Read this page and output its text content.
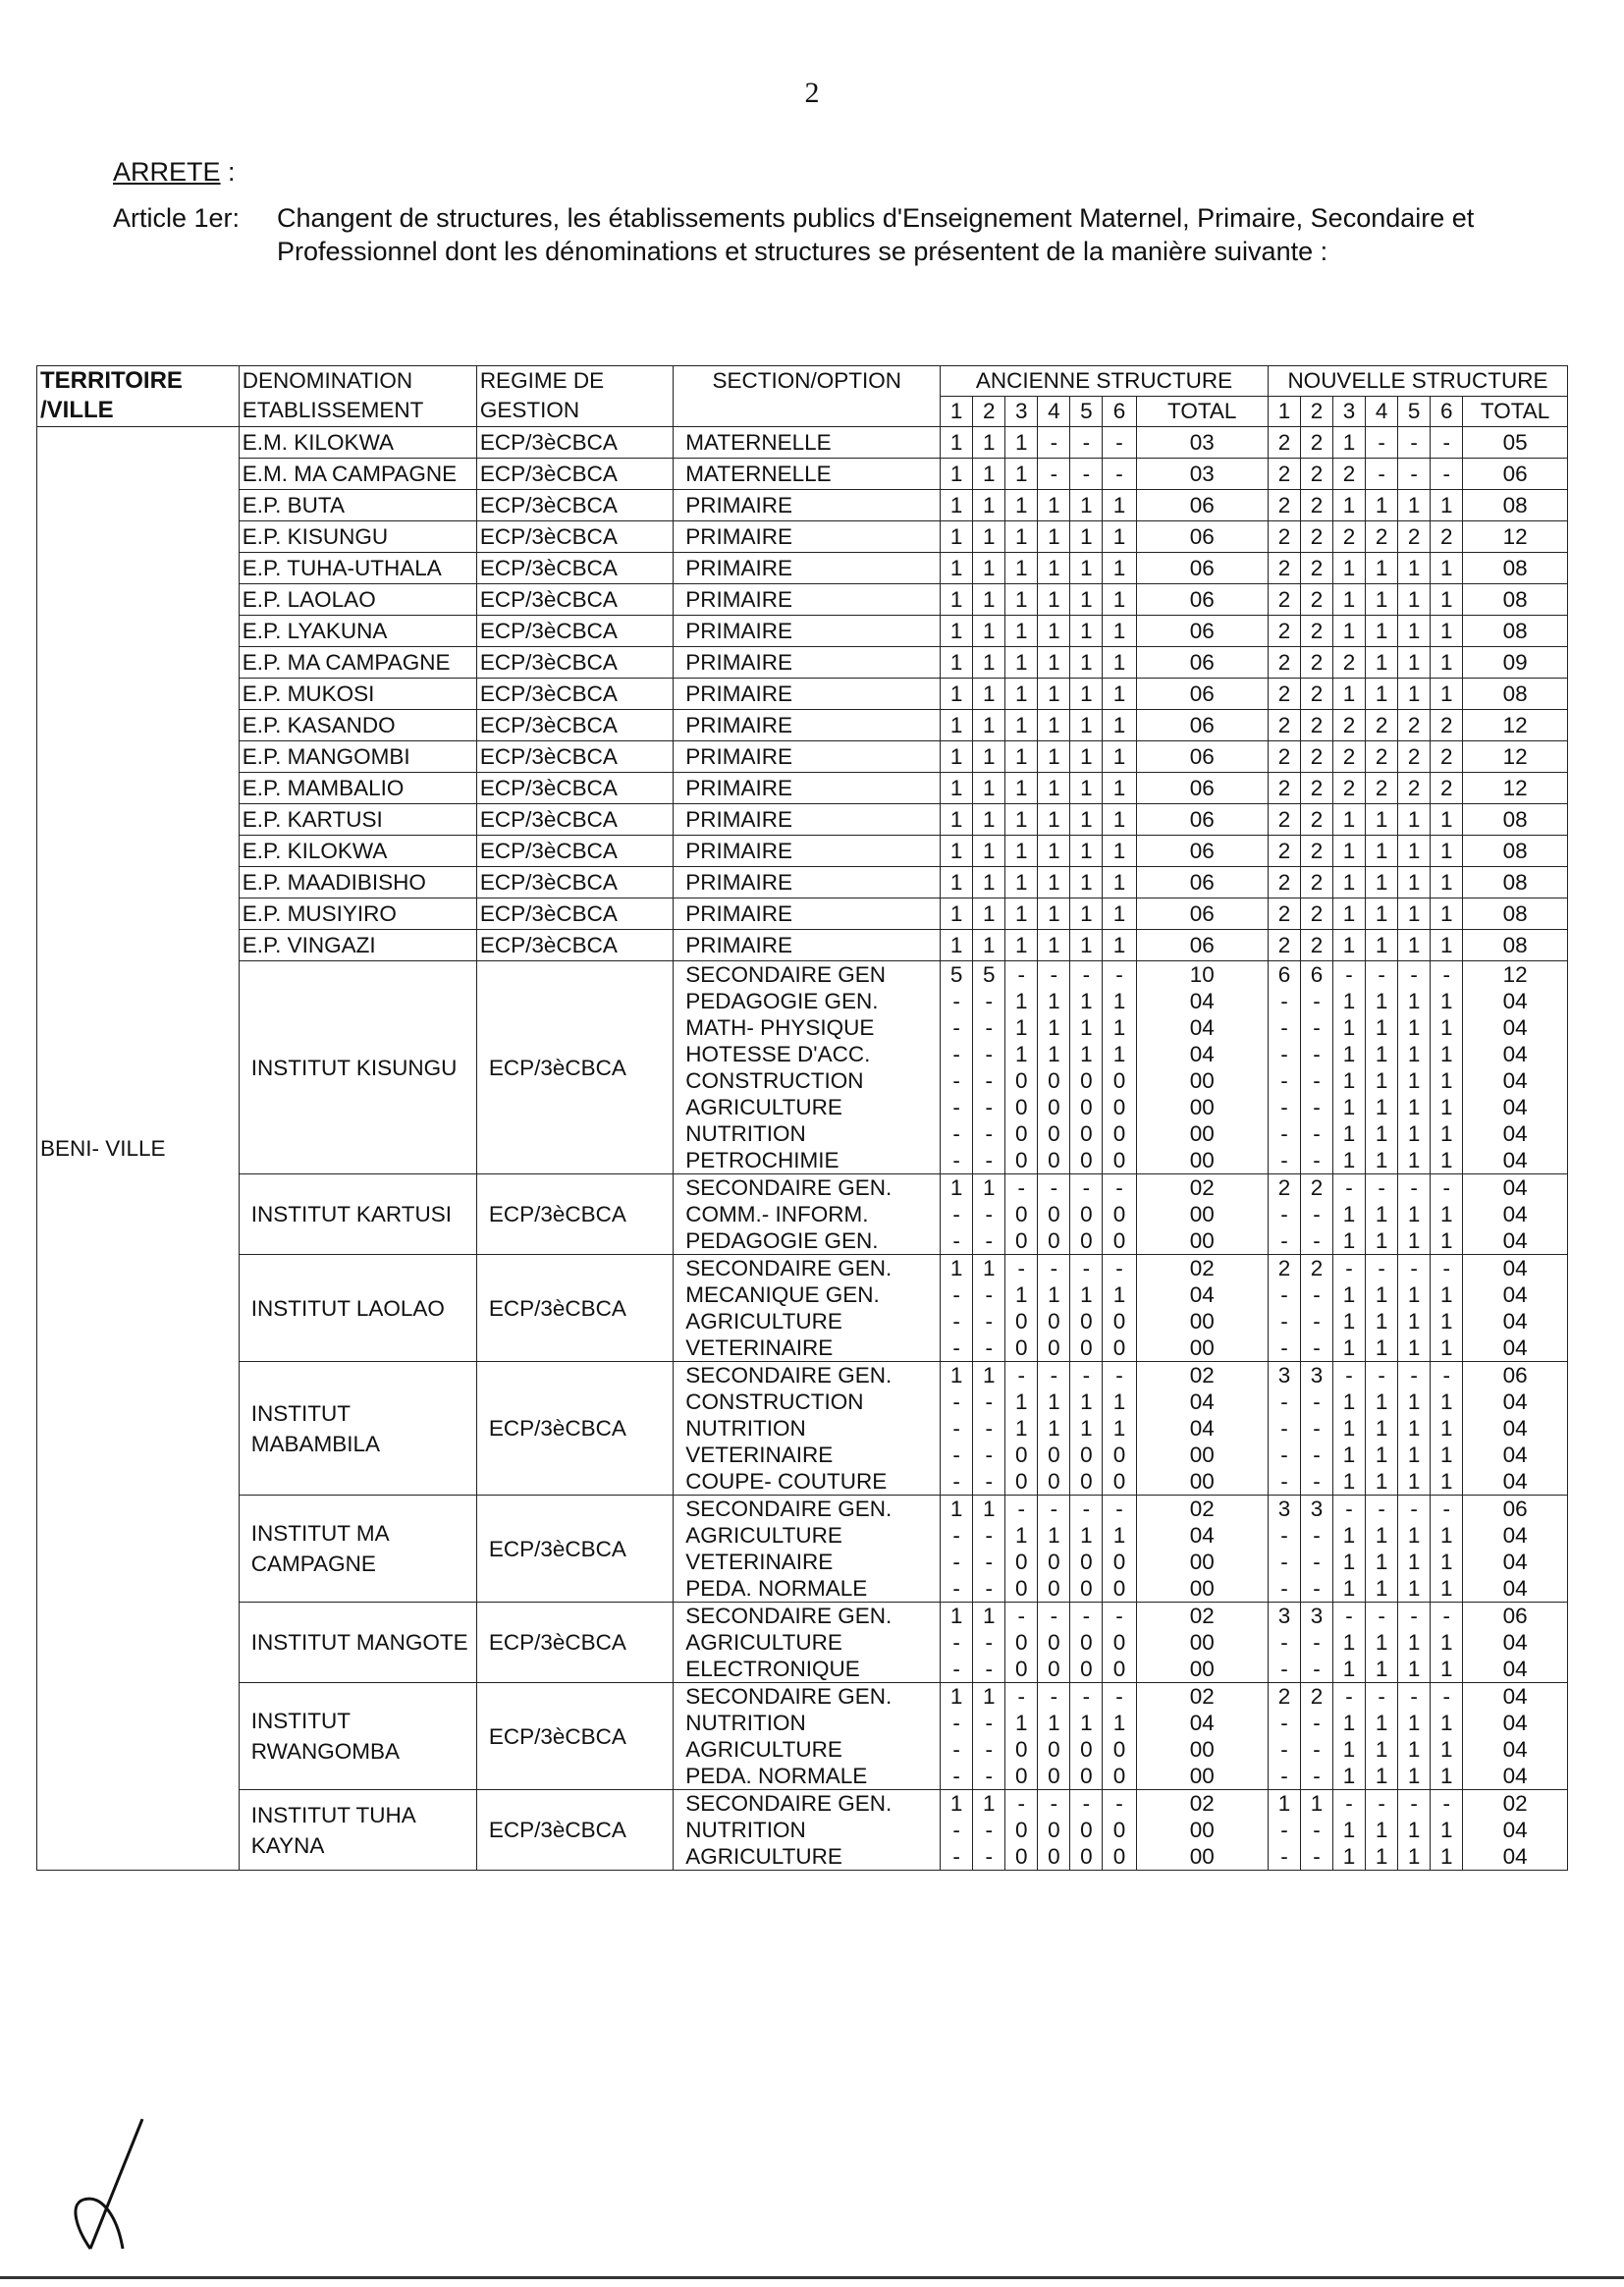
2
ARRETE :
Article 1er:	Changent de structures, les établissements publics d'Enseignement Maternel, Primaire, Secondaire et Professionnel dont les dénominations et structures se présentent de la manière suivante :
TERRITOIRE /VILLE	DENOMINATION ETABLISSEMENT	REGIME DE GESTION	SECTION/OPTION	ANCIENNE STRUCTURE							NOUVELLE STRUCTURE						
				1	2	3	4	5	6	TOTAL	1	2	3	4	5	6	TOTAL
BENI- VILLE	E.M. KILOKWA	ECP/3èCBCA	MATERNELLE	1	1	1	-	-	-	03	2	2	1	-	-	-	05
	E.M. MA CAMPAGNE	ECP/3èCBCA	MATERNELLE	1	1	1	-	-	-	03	2	2	2	-	-	-	06
	E.P. BUTA	ECP/3èCBCA	PRIMAIRE	1	1	1	1	1	1	06	2	2	1	1	1	1	08
	E.P. KISUNGU	ECP/3èCBCA	PRIMAIRE	1	1	1	1	1	1	06	2	2	2	2	2	2	12
	E.P. TUHA-UTHALA	ECP/3èCBCA	PRIMAIRE	1	1	1	1	1	1	06	2	2	1	1	1	1	08
	E.P. LAOLAO	ECP/3èCBCA	PRIMAIRE	1	1	1	1	1	1	06	2	2	1	1	1	1	08
	E.P. LYAKUNA	ECP/3èCBCA	PRIMAIRE	1	1	1	1	1	1	06	2	2	1	1	1	1	08
	E.P. MA CAMPAGNE	ECP/3èCBCA	PRIMAIRE	1	1	1	1	1	1	06	2	2	2	1	1	1	09
	E.P. MUKOSI	ECP/3èCBCA	PRIMAIRE	1	1	1	1	1	1	06	2	2	1	1	1	1	08
	E.P. KASANDO	ECP/3èCBCA	PRIMAIRE	1	1	1	1	1	1	06	2	2	2	2	2	2	12
	E.P. MANGOMBI	ECP/3èCBCA	PRIMAIRE	1	1	1	1	1	1	06	2	2	2	2	2	2	12
	E.P. MAMBALIO	ECP/3èCBCA	PRIMAIRE	1	1	1	1	1	1	06	2	2	2	2	2	2	12
	E.P. KARTUSI	ECP/3èCBCA	PRIMAIRE	1	1	1	1	1	1	06	2	2	1	1	1	1	08
	E.P. KILOKWA	ECP/3èCBCA	PRIMAIRE	1	1	1	1	1	1	06	2	2	1	1	1	1	08
	E.P. MAADIBISHO	ECP/3èCBCA	PRIMAIRE	1	1	1	1	1	1	06	2	2	1	1	1	1	08
	E.P. MUSIYIRO	ECP/3èCBCA	PRIMAIRE	1	1	1	1	1	1	06	2	2	1	1	1	1	08
	E.P. VINGAZI	ECP/3èCBCA	PRIMAIRE	1	1	1	1	1	1	06	2	2	1	1	1	1	08
	INSTITUT KISUNGU	ECP/3èCBCA	SECONDAIRE GEN	5	5	-	-	-	-	10	6	6	-	-	-	-	12
			PEDAGOGIE GEN.	-	-	1	1	1	1	04	-	-	1	1	1	1	04
			MATH- PHYSIQUE	-	-	1	1	1	1	04	-	-	1	1	1	1	04
			HOTESSE D'ACC.	-	-	1	1	1	1	04	-	-	1	1	1	1	04
			CONSTRUCTION	-	-	0	0	0	0	00	-	-	1	1	1	1	04
			AGRICULTURE	-	-	0	0	0	0	00	-	-	1	1	1	1	04
			NUTRITION	-	-	0	0	0	0	00	-	-	1	1	1	1	04
			PETROCHIMIE	-	-	0	0	0	0	00	-	-	1	1	1	1	04
	INSTITUT KARTUSI	ECP/3èCBCA	SECONDAIRE GEN.	1	1	-	-	-	-	02	2	2	-	-	-	-	04
			COMM.- INFORM.	-	-	0	0	0	0	00	-	-	1	1	1	1	04
			PEDAGOGIE GEN.	-	-	0	0	0	0	00	-	-	1	1	1	1	04
	INSTITUT LAOLAO	ECP/3èCBCA	SECONDAIRE GEN.	1	1	-	-	-	-	02	2	2	-	-	-	-	04
			MECANIQUE GEN.	-	-	1	1	1	1	04	-	-	1	1	1	1	04
			AGRICULTURE	-	-	0	0	0	0	00	-	-	1	1	1	1	04
			VETERINAIRE	-	-	0	0	0	0	00	-	-	1	1	1	1	04
	INSTITUT MABAMBILA	ECP/3èCBCA	SECONDAIRE GEN.	1	1	-	-	-	-	02	3	3	-	-	-	-	06
			CONSTRUCTION	-	-	1	1	1	1	04	-	-	1	1	1	1	04
			NUTRITION	-	-	1	1	1	1	04	-	-	1	1	1	1	04
			VETERINAIRE	-	-	0	0	0	0	00	-	-	1	1	1	1	04
			COUPE- COUTURE	-	-	0	0	0	0	00	-	-	1	1	1	1	04
	INSTITUT MA CAMPAGNE	ECP/3èCBCA	SECONDAIRE GEN.	1	1	-	-	-	-	02	3	3	-	-	-	-	06
			AGRICULTURE	-	-	1	1	1	1	04	-	-	1	1	1	1	04
			VETERINAIRE	-	-	0	0	0	0	00	-	-	1	1	1	1	04
			PEDA. NORMALE	-	-	0	0	0	0	00	-	-	1	1	1	1	04
	INSTITUT MANGOTE	ECP/3èCBCA	SECONDAIRE GEN.	1	1	-	-	-	-	02	3	3	-	-	-	-	06
			AGRICULTURE	-	-	0	0	0	0	00	-	-	1	1	1	1	04
			ELECTRONIQUE	-	-	0	0	0	0	00	-	-	1	1	1	1	04
	INSTITUT RWANGOMBA	ECP/3èCBCA	SECONDAIRE GEN.	1	1	-	-	-	-	02	2	2	-	-	-	-	04
			NUTRITION	-	-	1	1	1	1	04	-	-	1	1	1	1	04
			AGRICULTURE	-	-	0	0	0	0	00	-	-	1	1	1	1	04
			PEDA. NORMALE	-	-	0	0	0	0	00	-	-	1	1	1	1	04
	INSTITUT TUHA KAYNA	ECP/3èCBCA	SECONDAIRE GEN.	1	1	-	-	-	-	02	1	1	-	-	-	-	02
			NUTRITION	-	-	0	0	0	0	00	-	-	1	1	1	1	04
			AGRICULTURE	-	-	0	0	0	0	00	-	-	1	1	1	1	04
